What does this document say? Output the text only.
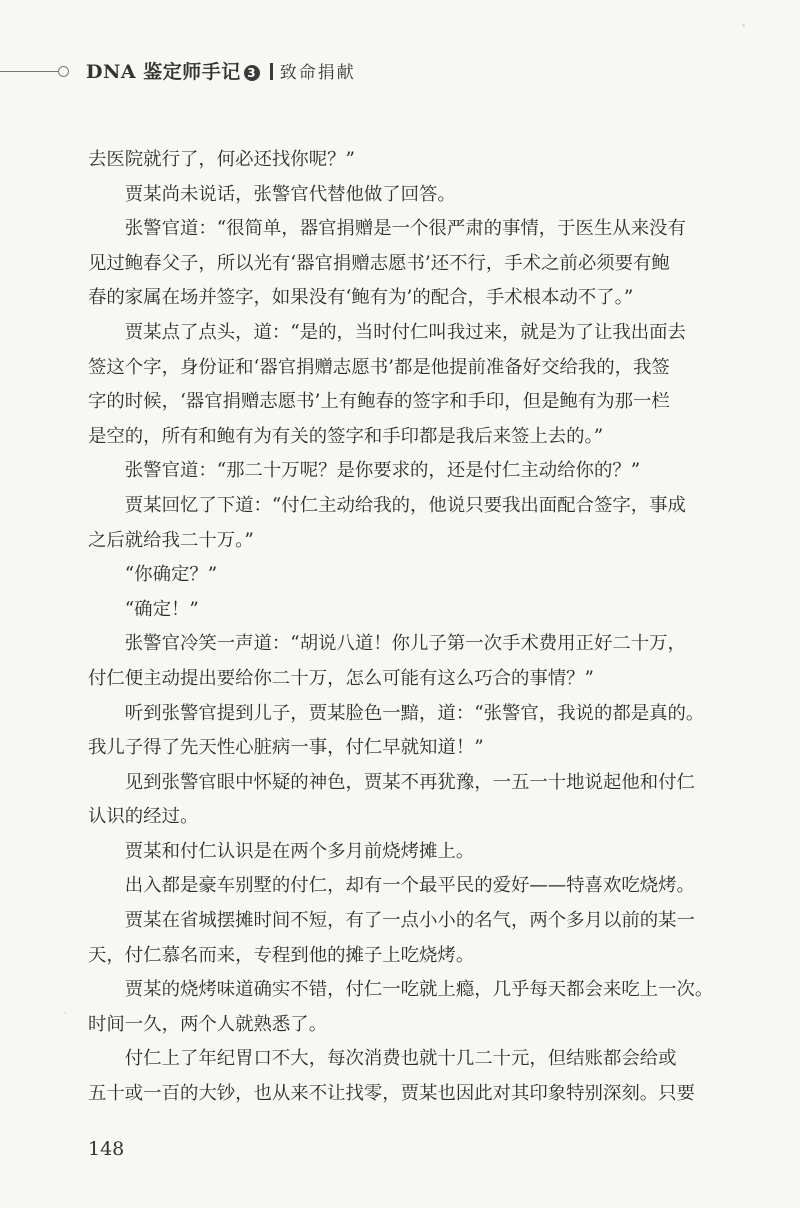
DNA 鉴定师手记 3 致命捐献

去医院就行了，何必还找你呢？”

　　贾某尚未说话，张警官代替他做了回答。

　　张警官道：“很简单，器官捐赠是一个很严肃的事情，于医生从来没有

见过鲍春父子，所以光有‘器官捐赠志愿书’还不行，手术之前必须要有鲍

春的家属在场并签字，如果没有‘鲍有为’的配合，手术根本动不了。”

　　贾某点了点头，道：“是的，当时付仁叫我过来，就是为了让我出面去

签这个字，身份证和‘器官捐赠志愿书’都是他提前准备好交给我的，我签

字的时候，‘器官捐赠志愿书’上有鲍春的签字和手印，但是鲍有为那一栏

是空的，所有和鲍有为有关的签字和手印都是我后来签上去的。”

　　张警官道：“那二十万呢？是你要求的，还是付仁主动给你的？”

　　贾某回忆了下道：“付仁主动给我的，他说只要我出面配合签字，事成

之后就给我二十万。”

　　“你确定？”

　　“确定！”

　　张警官冷笑一声道：“胡说八道！你儿子第一次手术费用正好二十万，

付仁便主动提出要给你二十万，怎么可能有这么巧合的事情？”

　　听到张警官提到儿子，贾某脸色一黯，道：“张警官，我说的都是真的。

我儿子得了先天性心脏病一事，付仁早就知道！”

　　见到张警官眼中怀疑的神色，贾某不再犹豫，一五一十地说起他和付仁

认识的经过。

　　贾某和付仁认识是在两个多月前烧烤摊上。

　　出入都是豪车别墅的付仁，却有一个最平民的爱好——特喜欢吃烧烤。

　　贾某在省城摆摊时间不短，有了一点小小的名气，两个多月以前的某一

天，付仁慕名而来，专程到他的摊子上吃烧烤。

　　贾某的烧烤味道确实不错，付仁一吃就上瘾，几乎每天都会来吃上一次。

时间一久，两个人就熟悉了。

　　付仁上了年纪胃口不大，每次消费也就十几二十元，但结账都会给或

五十或一百的大钞，也从来不让找零，贾某也因此对其印象特别深刻。只要

148
